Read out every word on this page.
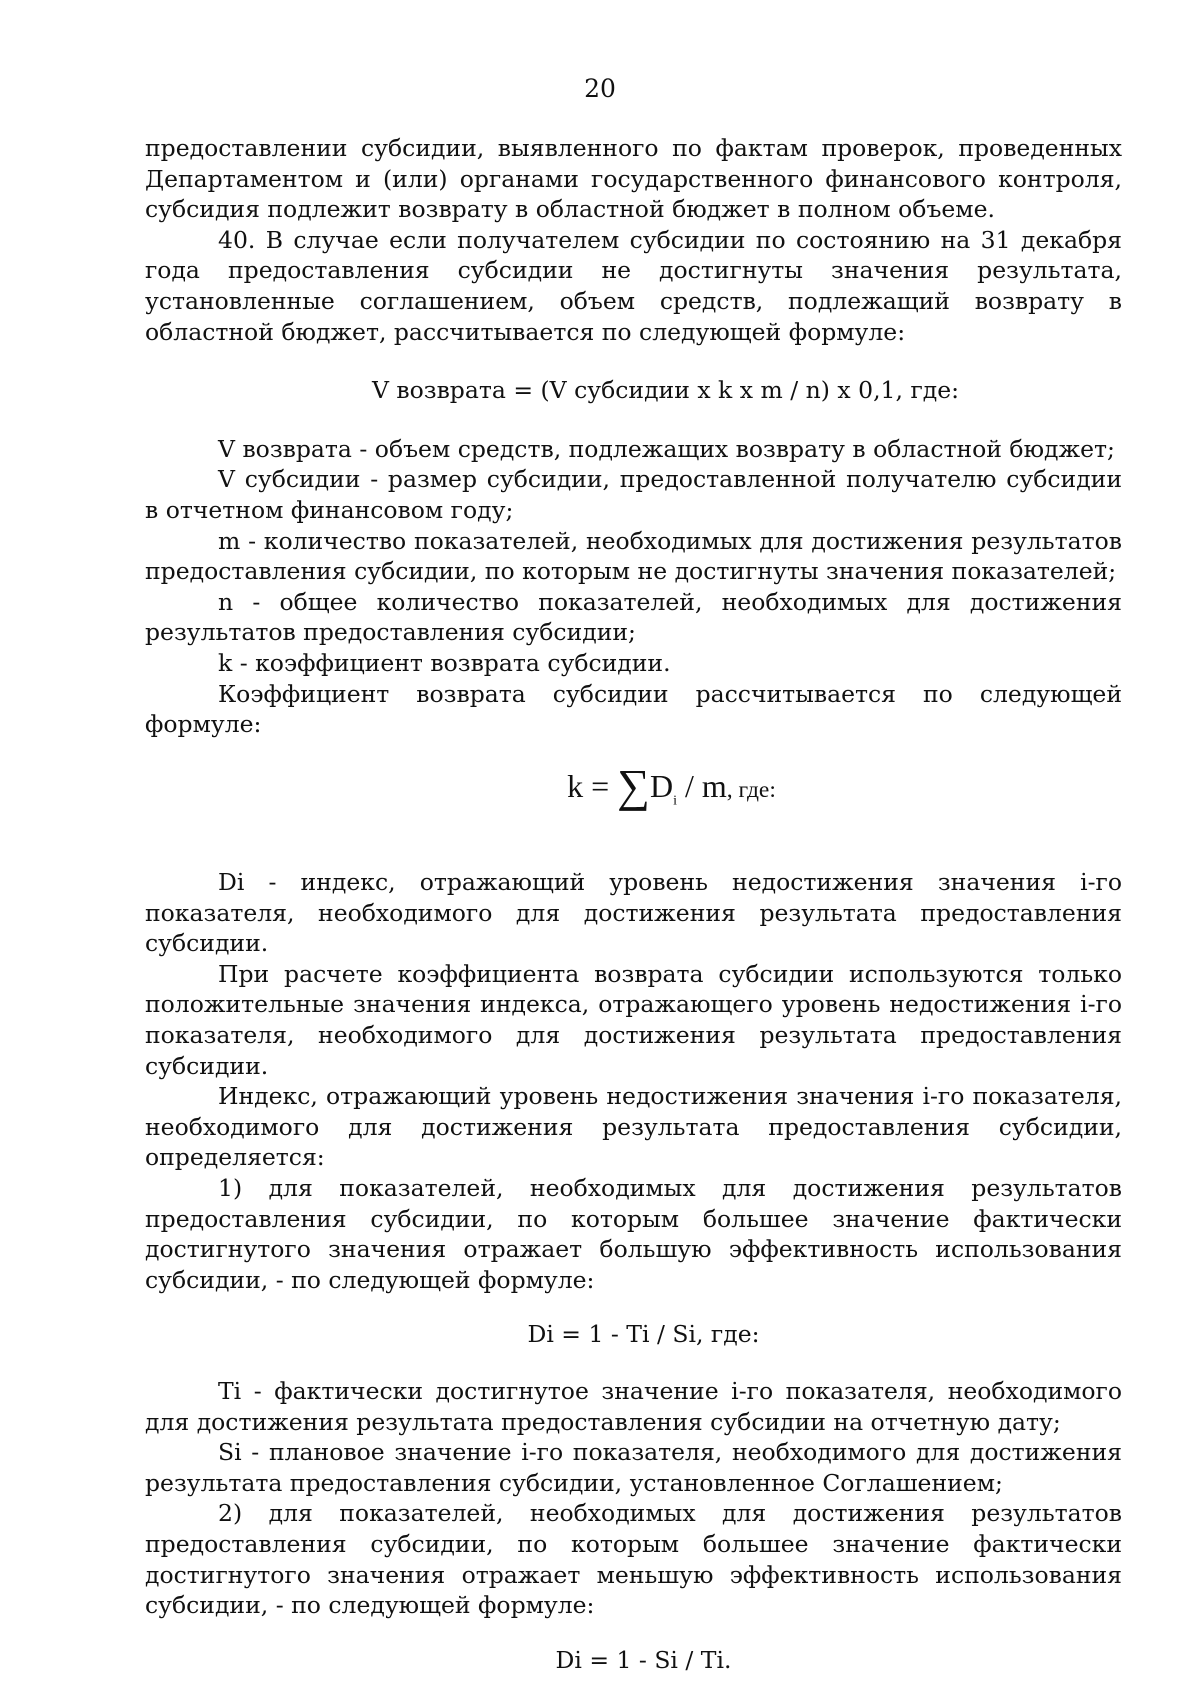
20

предоставлении субсидии, выявленного по фактам проверок, проведенных Департаментом и (или) органами государственного финансового контроля, субсидия подлежит возврату в областной бюджет в полном объеме.

40. В случае если получателем субсидии по состоянию на 31 декабря года предоставления субсидии не достигнуты значения результата, установленные соглашением, объем средств, подлежащий возврату в областной бюджет, рассчитывается по следующей формуле:

V возврата = (V субсидии x k x m / n) x 0,1, где:

V возврата - объем средств, подлежащих возврату в областной бюджет;

V субсидии - размер субсидии, предоставленной получателю субсидии в отчетном финансовом году;

m - количество показателей, необходимых для достижения результатов предоставления субсидии, по которым не достигнуты значения показателей;

n - общее количество показателей, необходимых для достижения результатов предоставления субсидии;

k - коэффициент возврата субсидии.

Коэффициент возврата субсидии рассчитывается по следующей формуле:

$k = \sum D_i / m$, где:

Di - индекс, отражающий уровень недостижения значения i-го показателя, необходимого для достижения результата предоставления субсидии.

При расчете коэффициента возврата субсидии используются только положительные значения индекса, отражающего уровень недостижения i-го показателя, необходимого для достижения результата предоставления субсидии.

Индекс, отражающий уровень недостижения значения i-го показателя, необходимого для достижения результата предоставления субсидии, определяется:

1) для показателей, необходимых для достижения результатов предоставления субсидии, по которым большее значение фактически достигнутого значения отражает большую эффективность использования субсидии, - по следующей формуле:

Di = 1 - Ti / Si, где:

Ti - фактически достигнутое значение i-го показателя, необходимого для достижения результата предоставления субсидии на отчетную дату;

Si - плановое значение i-го показателя, необходимого для достижения результата предоставления субсидии, установленное Соглашением;

2) для показателей, необходимых для достижения результатов предоставления субсидии, по которым большее значение фактически достигнутого значения отражает меньшую эффективность использования субсидии, - по следующей формуле:

Di = 1 - Si / Ti.
